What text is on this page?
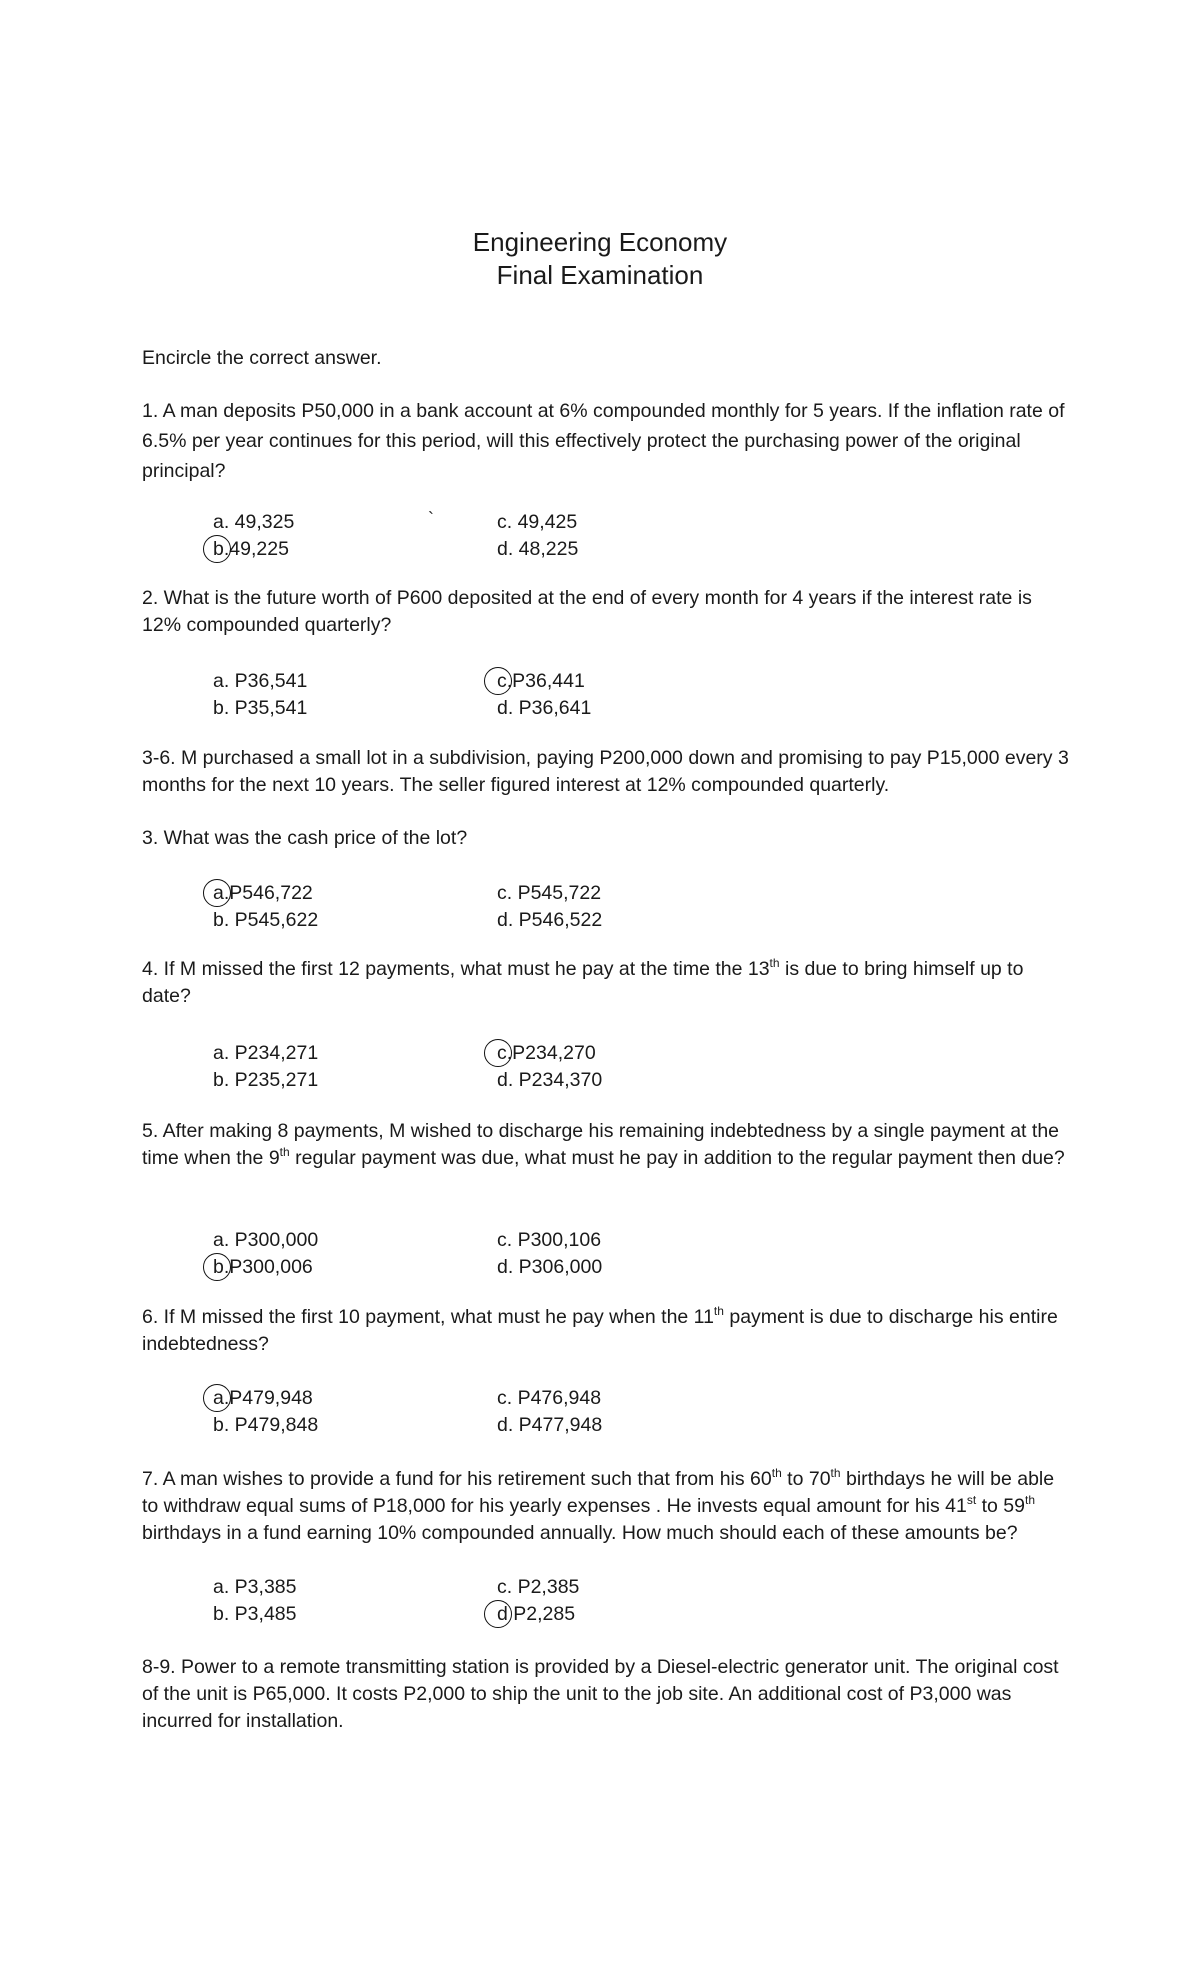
Engineering Economy
Final Examination
Encircle the correct answer.
1. A man deposits P50,000 in a bank account at 6% compounded monthly for 5 years. If the inflation rate of 6.5% per year continues for this period, will this effectively protect the purchasing power of the original principal?
a. 49,325	`	c. 49,425
b.49,225	d. 48,225
2. What is the future worth of P600 deposited at the end of every month for 4 years if the interest rate is 12% compounded quarterly?
a. P36,541	c.P36,441
b. P35,541	d. P36,641
3-6. M purchased a small lot in a subdivision, paying P200,000 down and promising to pay P15,000 every 3 months for the next 10 years. The seller figured interest at 12% compounded quarterly.
3. What was the cash price of the lot?
a.P546,722	c. P545,722
b. P545,622	d. P546,522
4. If M missed the first 12 payments, what must he pay at the time the 13th is due to bring himself up to date?
a. P234,271	c.P234,270
b. P235,271	d. P234,370
5. After making 8 payments, M wished to discharge his remaining indebtedness by a single payment at the time when the 9th regular payment was due, what must he pay in addition to the regular payment then due?
a. P300,000	c. P300,106
b.P300,006	d. P306,000
6. If M missed the first 10 payment, what must he pay when the 11th payment is due to discharge his entire indebtedness?
a.P479,948	c. P476,948
b. P479,848	d. P477,948
7. A man wishes to provide a fund for his retirement such that from his 60th to 70th birthdays he will be able to withdraw equal sums of P18,000 for his yearly expenses . He invests equal amount for his 41st to 59th birthdays in a fund earning 10% compounded annually. How much should each of these amounts be?
a. P3,385	c. P2,385
b. P3,485	d P2,285
8-9. Power to a remote transmitting station is provided by a Diesel-electric generator unit. The original cost of the unit is P65,000. It costs P2,000 to ship the unit to the job site. An additional cost of P3,000 was incurred for installation.
